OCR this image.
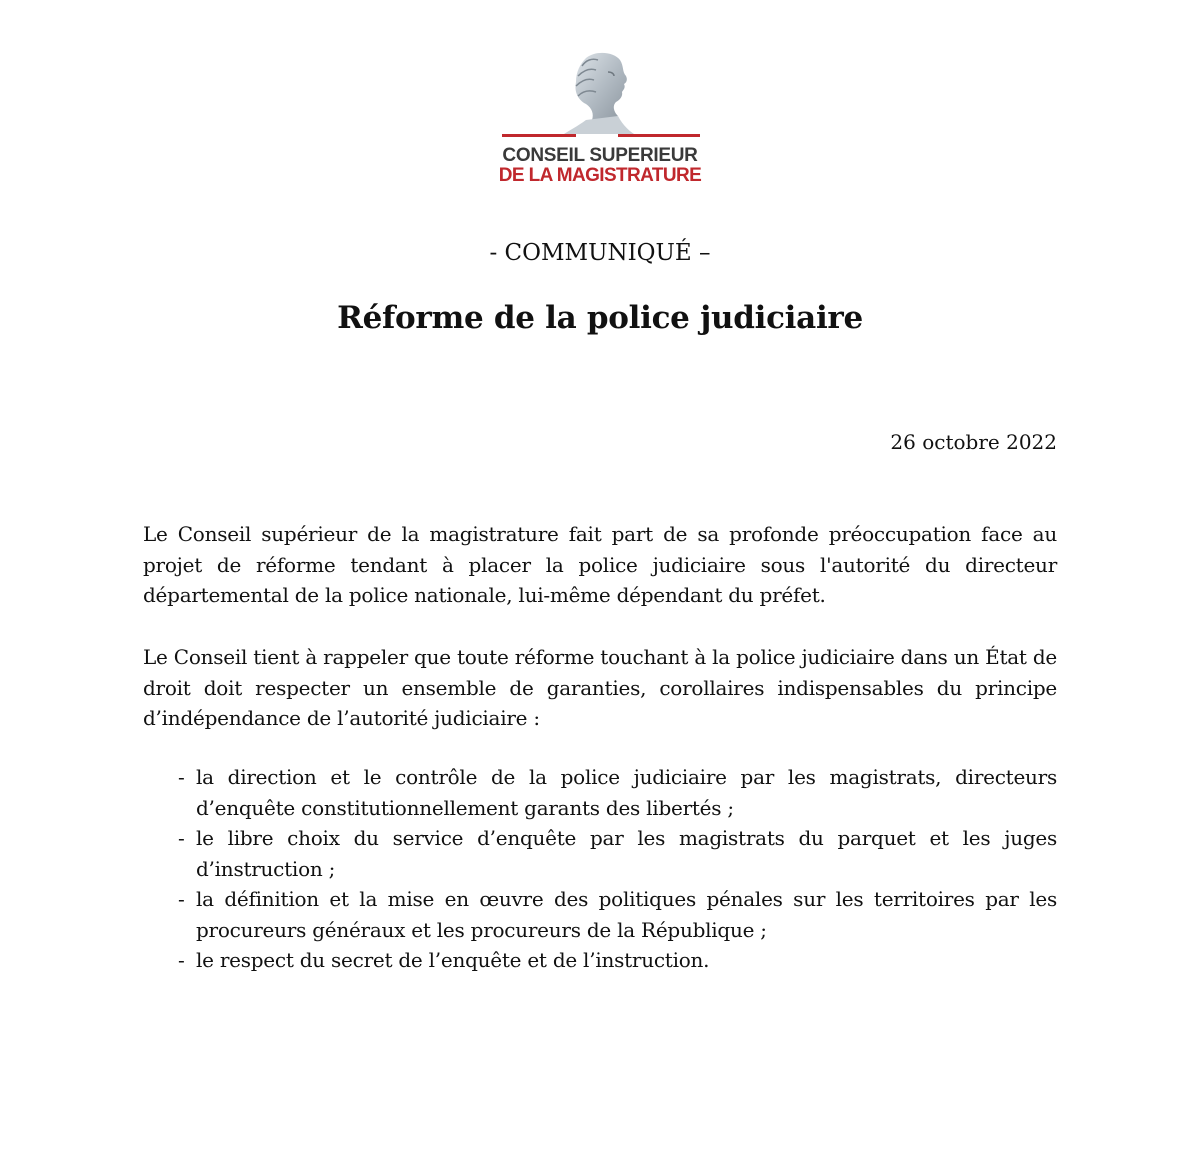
CONSEIL SUPERIEUR
DE LA MAGISTRATURE
- COMMUNIQUÉ –
Réforme de la police judiciaire
26 octobre 2022

Le Conseil supérieur de la magistrature fait part de sa profonde préoccupation face au projet de réforme tendant à placer la police judiciaire sous l'autorité du directeur départemental de la police nationale, lui-même dépendant du préfet.

Le Conseil tient à rappeler que toute réforme touchant à la police judiciaire dans un État de droit doit respecter un ensemble de garanties, corollaires indispensables du principe d’indépendance de l’autorité judiciaire :

- la direction et le contrôle de la police judiciaire par les magistrats, directeurs d’enquête constitutionnellement garants des libertés ;
- le libre choix du service d’enquête par les magistrats du parquet et les juges d’instruction ;
- la définition et la mise en œuvre des politiques pénales sur les territoires par les procureurs généraux et les procureurs de la République ;
- le respect du secret de l’enquête et de l’instruction.
